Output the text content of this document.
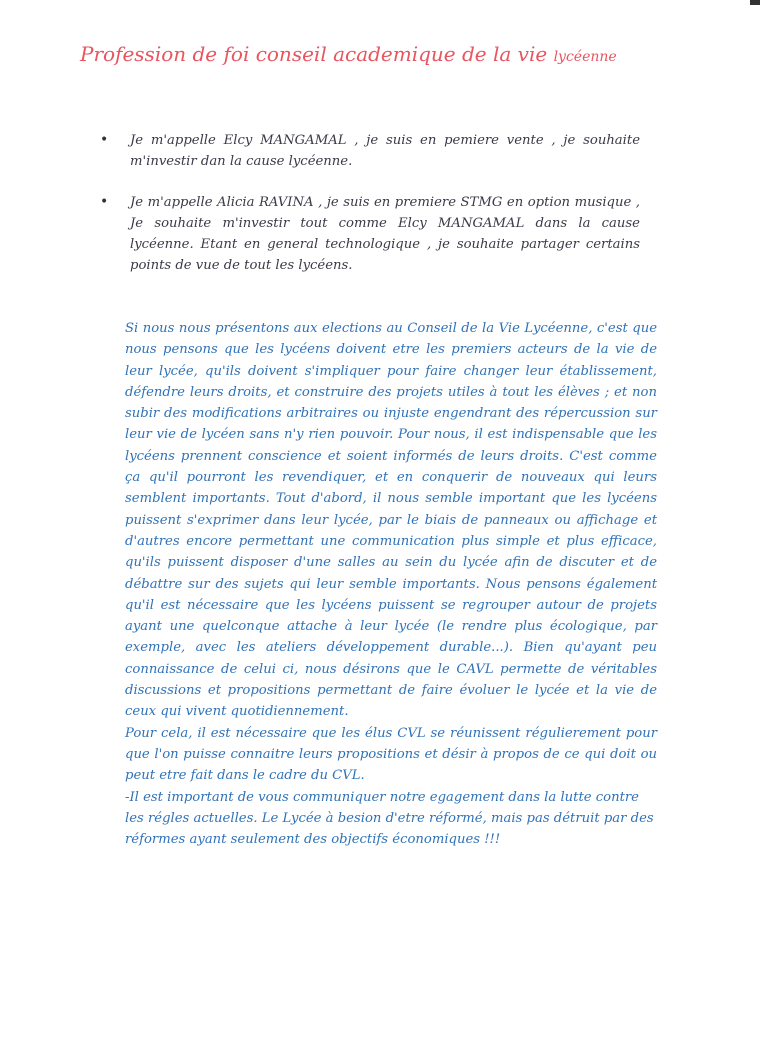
Profession de foi conseil academique de la vie lycéenne
• Je m'appelle Elcy MANGAMAL , je suis en pemiere vente , je souhaite m'investir dan la cause lycéenne.
• Je m'appelle Alicia RAVINA , je suis en premiere STMG en option musique , Je souhaite m'investir tout comme Elcy MANGAMAL dans la cause lycéenne. Etant en general technologique , je souhaite partager certains points de vue de tout les lycéens.

Si nous nous présentons aux elections au Conseil de la Vie Lycéenne, c'est que nous pensons que les lycéens doivent etre les premiers acteurs de la vie de leur lycée, qu'ils doivent s'impliquer pour faire changer leur établissement, défendre leurs droits, et construire des projets utiles à tout les élèves ; et non subir des modifications arbitraires ou injuste engendrant des répercussion sur leur vie de lycéen sans n'y rien pouvoir. Pour nous, il est indispensable que les lycéens prennent conscience et soient informés de leurs droits. C'est comme ça qu'il pourront les revendiquer, et en conquerir de nouveaux qui leurs semblent importants. Tout d'abord, il nous semble important que les lycéens puissent s'exprimer dans leur lycée, par le biais de panneaux ou affichage et d'autres encore permettant une communication plus simple et plus efficace, qu'ils puissent disposer d'une salles au sein du lycée afin de discuter et de débattre sur des sujets qui leur semble importants. Nous pensons également qu'il est nécessaire que les lycéens puissent se regrouper autour de projets ayant une quelconque attache à leur lycée (le rendre plus écologique, par exemple, avec les ateliers développement durable...). Bien qu'ayant peu connaissance de celui ci, nous désirons que le CAVL permette de véritables discussions et propositions permettant de faire évoluer le lycée et la vie de ceux qui vivent quotidiennement.

Pour cela, il est nécessaire que les élus CVL se réunissent régulierement pour que l'on puisse connaitre leurs propositions et désir à propos de ce qui doit ou peut etre fait dans le cadre du CVL.

-Il est important de vous communiquer notre egagement dans la lutte contre les régles actuelles. Le Lycée à besion d'etre réformé, mais pas détruit par des réformes ayant seulement des objectifs économiques !!!
